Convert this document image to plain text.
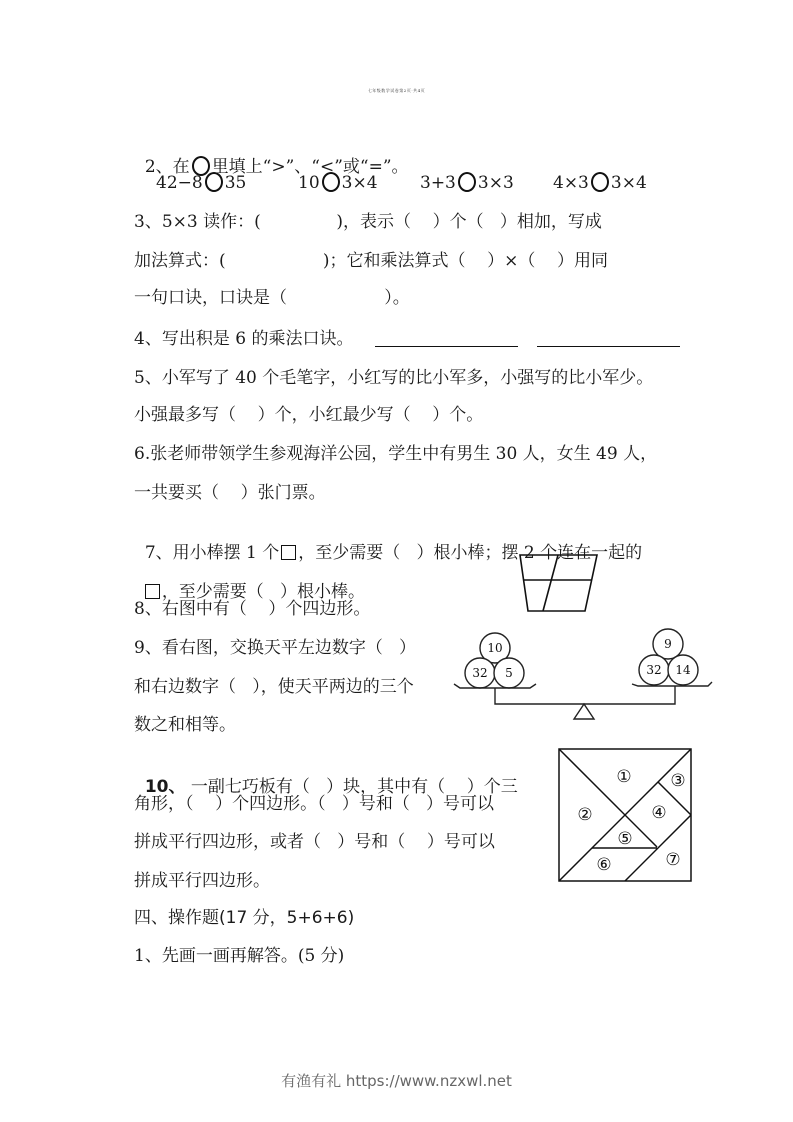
七年级数学试卷第2页·共4页

2、在 里填上“>”、“<”或“=”。

42−8 35	10 3×4 3+3 3×3 4×3 3×4
3、5×3 读作：(              )，表示（    ）个（   ）相加，写成
加法算式：(                  )；它和乘法算式（    ）×（    ）用同
一句口诀，口诀是（                  ）。
4、写出积是 6 的乘法口诀。
5、小军写了 40 个毛笔字，小红写的比小军多，小强写的比小军少。
小强最多写（    ）个，小红最少写（    ）个。
6.张老师带领学生参观海洋公园，学生中有男生 30 人，女生 49 人，
一共要买（    ）张门票。

7、用小棒摆 1 个 ，至少需要（   ）根小棒；摆 2 个连在一起的

，至少需要（   ）根小棒。

8、右图中有（    ）个四边形。
9、看右图，交换天平左边数字（   ）
和右边数字（   ），使天平两边的三个
数之和相等。
10
32 5
9
32 14

10、 一副七巧板有（   ）块，其中有（    ）个三

角形，（    ）个四边形。（   ）号和（   ）号可以
拼成平行四边形，或者（   ）号和（    ）号可以
拼成平行四边形。
①
②
③
④
⑤
⑥	⑦
四、操作题(17 分，5+6+6)
1、先画一画再解答。(5 分)
有渔有礼 https://www.nzxwl.net
